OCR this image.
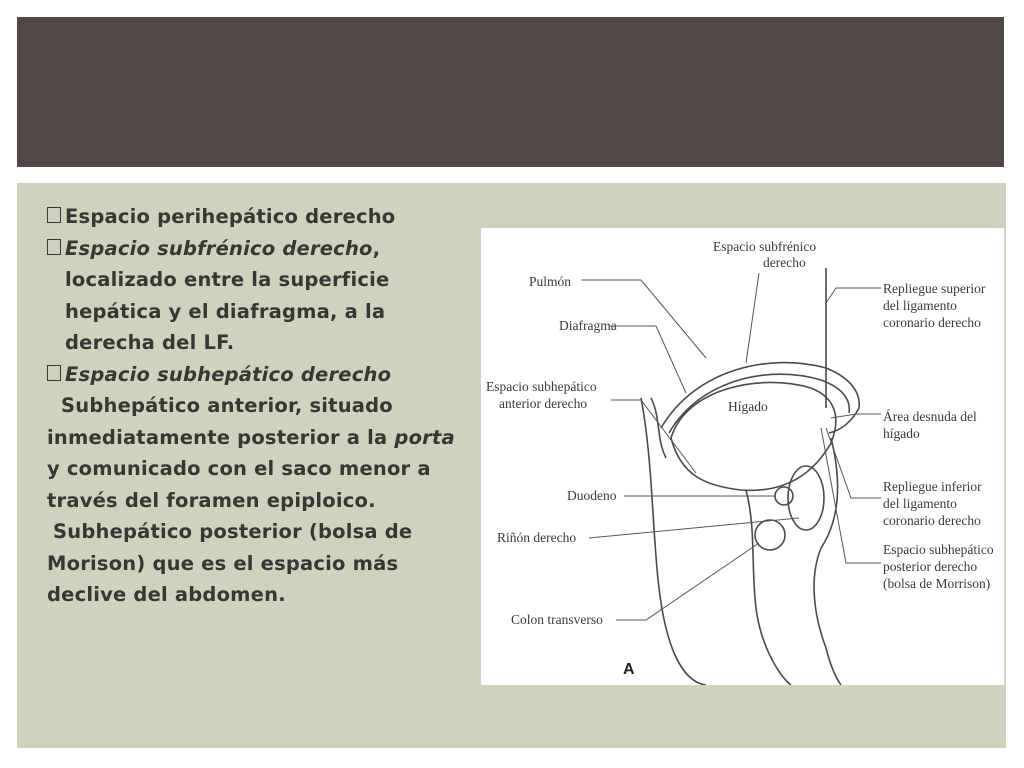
Espacio perihepático derecho
Espacio subfrénico derecho, localizado entre la superficie hepática y el diafragma, a la derecha del LF.
Espacio subhepático derecho
Subhepático anterior, situado inmediatamente posterior a la porta y comunicado con el saco menor a través del foramen epiploico.
Subhepático posterior (bolsa de Morison) que es el espacio más declive del abdomen.
Espacio subfrénico
derecho
Pulmón
Diafragma
Repliegue superior
del ligamento
coronario derecho
Espacio subhepático
anterior derecho	Hígado
Área desnuda del
hígado
Duodeno
Repliegue inferior
del ligamento
coronario derecho
Riñón derecho
Espacio subhepático
posterior derecho
(bolsa de Morrison)
Colon transverso
A
